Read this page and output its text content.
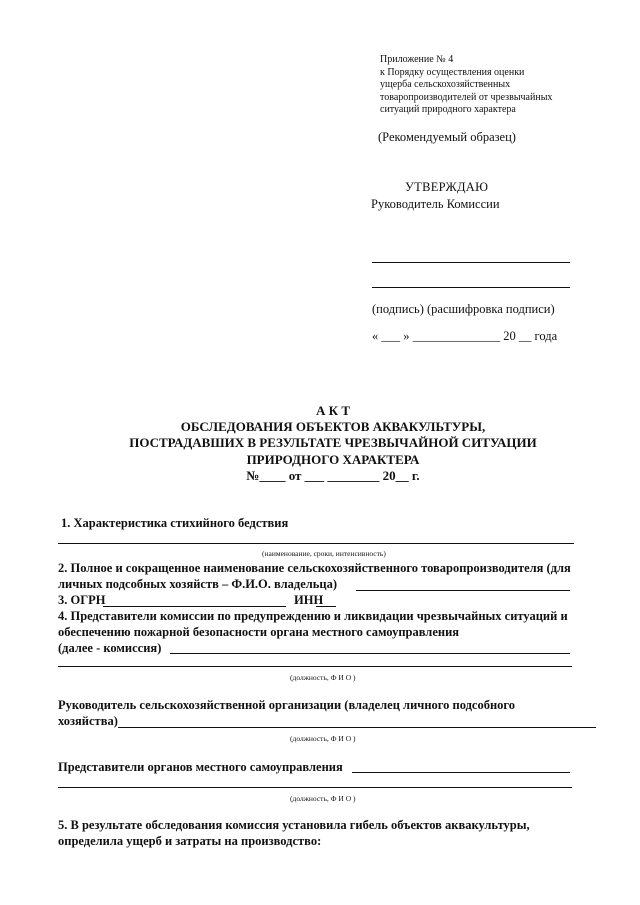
Приложение № 4
к Порядку осуществления оценки
ущерба сельскохозяйственных
товаропроизводителей от чрезвычайных
ситуаций природного характера
(Рекомендуемый образец)
УТВЕРЖДАЮ
Руководитель Комиссии
(подпись) (расшифровка подписи)
« ___ » ______________ 20 __ года
А К Т
ОБСЛЕДОВАНИЯ ОБЪЕКТОВ АКВАКУЛЬТУРЫ,
ПОСТРАДАВШИХ В РЕЗУЛЬТАТЕ ЧРЕЗВЫЧАЙНОЙ СИТУАЦИИ
ПРИРОДНОГО ХАРАКТЕРА
№____ от ___ ________ 20__ г.
1. Характеристика стихийного бедствия
(наименование, сроки, интенсивность)
2. Полное и сокращенное наименование сельскохозяйственного товаропроизводителя (для
личных подсобных хозяйств – Ф.И.О. владельца)
3. ОГРН	ИНН
4. Представители комиссии по предупреждению и ликвидации чрезвычайных ситуаций и
обеспечению пожарной безопасности органа местного самоуправления
(далее - комиссия)
(должность, Ф И О )
Руководитель сельскохозяйственной организации (владелец личного подсобного
хозяйства)
(должность, Ф И О )
Представители органов местного самоуправления
(должность, Ф И О )
5. В результате обследования комиссия установила гибель объектов аквакультуры,
определила ущерб и затраты на производство:
